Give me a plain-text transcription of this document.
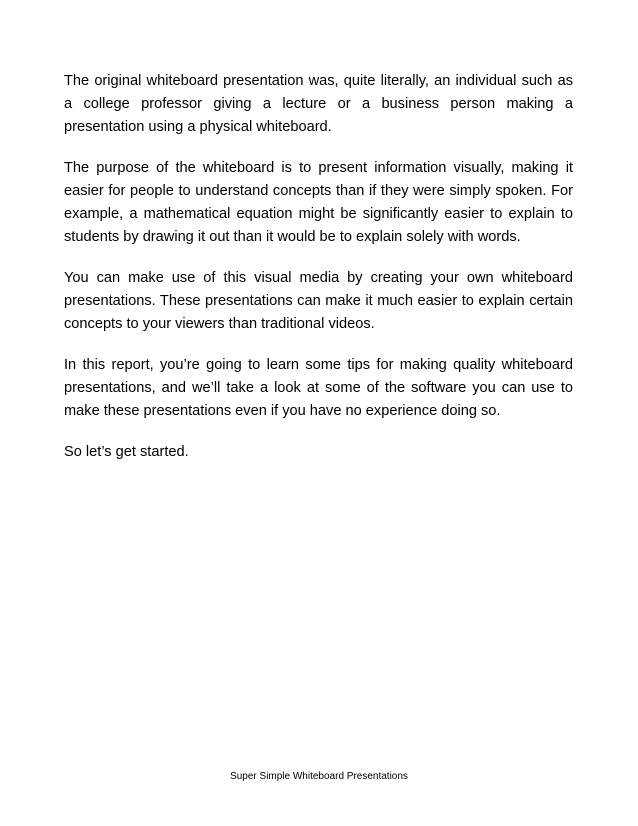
The original whiteboard presentation was, quite literally, an individual such as a college professor giving a lecture or a business person making a presentation using a physical whiteboard.

The purpose of the whiteboard is to present information visually, making it easier for people to understand concepts than if they were simply spoken. For example, a mathematical equation might be significantly easier to explain to students by drawing it out than it would be to explain solely with words.

You can make use of this visual media by creating your own whiteboard presentations. These presentations can make it much easier to explain certain concepts to your viewers than traditional videos.

In this report, you’re going to learn some tips for making quality whiteboard presentations, and we’ll take a look at some of the software you can use to make these presentations even if you have no experience doing so.

So let’s get started.

Super Simple Whiteboard Presentations
